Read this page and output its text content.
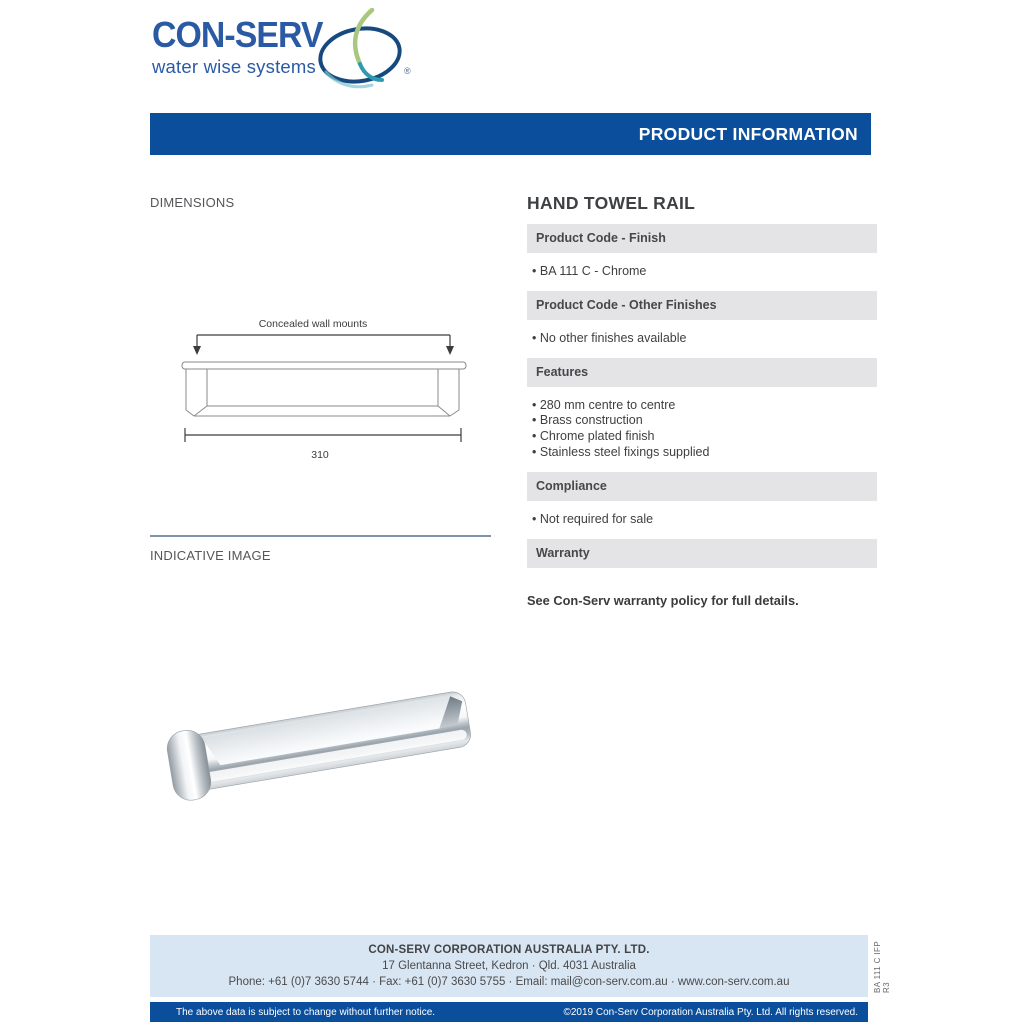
CON-SERV
water wise systems	®
PRODUCT INFORMATION
DIMENSIONS
Concealed wall mounts
310
INDICATIVE IMAGE
HAND TOWEL RAIL
Product Code - Finish
• BA 111 C - Chrome
Product Code - Other Finishes
• No other finishes available
Features
• 280 mm centre to centre
• Brass construction
• Chrome plated finish
• Stainless steel fixings supplied
Compliance
• Not required for sale
Warranty
See Con-Serv warranty policy for full details.
CON-SERV CORPORATION AUSTRALIA PTY. LTD.
17 Glentanna Street, Kedron · Qld. 4031 Australia
Phone: +61 (0)7 3630 5744 · Fax: +61 (0)7 3630 5755 · Email: mail@con-serv.com.au · www.con-serv.com.au
The above data is subject to change without further notice.	©2019 Con-Serv Corporation Australia Pty. Ltd. All rights reserved.
BA 111 C IFP R3
